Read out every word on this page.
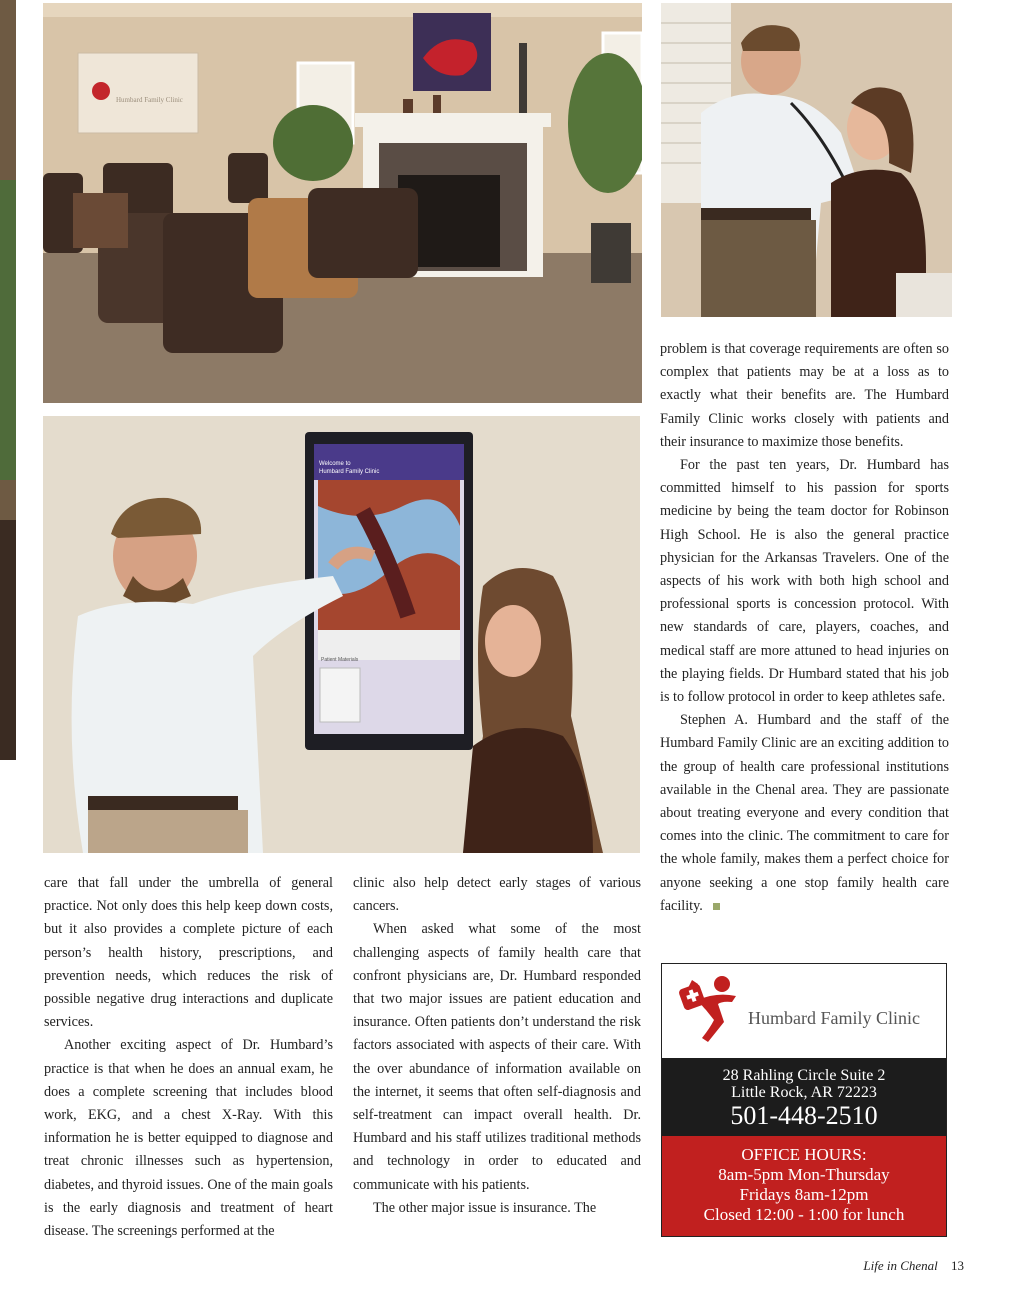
Humbard Family Clinic
Welcome to
Humbard Family Clinic
Patient Materials

care that fall under the umbrella of general practice. Not only does this help keep down costs, but it also provides a complete picture of each person’s health history, prescriptions, and prevention needs, which reduces the risk of possible negative drug interactions and duplicate services.

Another exciting aspect of Dr. Humbard’s practice is that when he does an annual exam, he does a complete screening that includes blood work, EKG, and a chest X-Ray. With this information he is better equipped to diagnose and treat chronic illnesses such as hypertension, diabetes, and thyroid issues. One of the main goals is the early diagnosis and treatment of heart disease. The screenings performed at the

clinic also help detect early stages of various cancers.

When asked what some of the most challenging aspects of family health care that confront physicians are, Dr. Humbard responded that two major issues are patient education and insurance. Often patients don’t understand the risk factors associated with aspects of their care. With the over abundance of information available on the internet, it seems that often self-diagnosis and self-treatment can impact overall health. Dr. Humbard and his staff utilizes traditional methods and technology in order to educated and communicate with his patients.

The other major issue is insurance. The

problem is that coverage requirements are often so complex that patients may be at a loss as to exactly what their benefits are. The Humbard Family Clinic works closely with patients and their insurance to maximize those benefits.

For the past ten years, Dr. Humbard has committed himself to his passion for sports medicine by being the team doctor for Robinson High School. He is also the general practice physician for the Arkansas Travelers. One of the aspects of his work with both high school and professional sports is concession protocol. With new standards of care, players, coaches, and medical staff are more attuned to head injuries on the playing fields. Dr Humbard stated that his job is to follow protocol in order to keep athletes safe.

Stephen A. Humbard and the staff of the Humbard Family Clinic are an exciting addition to the group of health care professional institutions available in the Chenal area. They are passionate about treating everyone and every condition that comes into the clinic. The commitment to care for the whole family, makes them a perfect choice for anyone seeking a one stop family health care facility.

Humbard Family Clinic
28 Rahling Circle Suite 2
Little Rock, AR 72223
501-448-2510
OFFICE HOURS:
8am-5pm Mon-Thursday
Fridays 8am-12pm
Closed 12:00 - 1:00 for lunch
Life in Chenal 13
